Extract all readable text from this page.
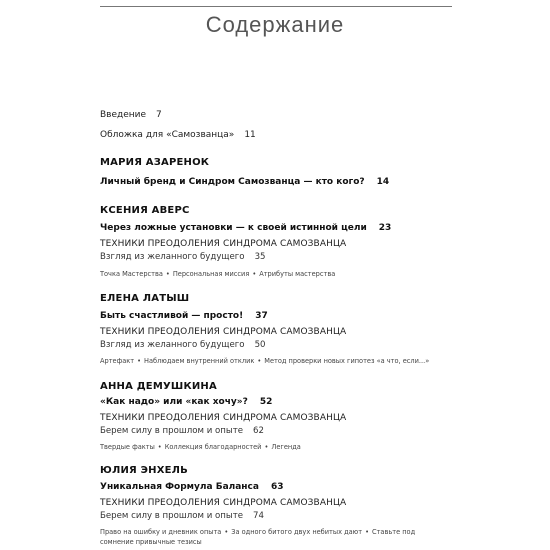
Содержание
Введение 7
Обложка для «Самозванца» 11
МАРИЯ АЗАРЕНОК
Личный бренд и Синдром Самозванца — кто кого? 14
КСЕНИЯ АВЕРС
Через ложные установки — к своей истинной цели 23
ТЕХНИКИ ПРЕОДОЛЕНИЯ СИНДРОМА САМОЗВАНЦА
Взгляд из желанного будущего 35
Точка Мастерства • Персональная миссия • Атрибуты мастерства
ЕЛЕНА ЛАТЫШ
Быть счастливой — просто! 37
ТЕХНИКИ ПРЕОДОЛЕНИЯ СИНДРОМА САМОЗВАНЦА
Взгляд из желанного будущего 50
Артефакт • Наблюдаем внутренний отклик • Метод проверки новых гипотез «а что, если...»
АННА ДЕМУШКИНА
«Как надо» или «как хочу»? 52
ТЕХНИКИ ПРЕОДОЛЕНИЯ СИНДРОМА САМОЗВАНЦА
Берем силу в прошлом и опыте 62
Твердые факты • Коллекция благодарностей • Легенда
ЮЛИЯ ЭНХЕЛЬ
Уникальная Формула Баланса 63
ТЕХНИКИ ПРЕОДОЛЕНИЯ СИНДРОМА САМОЗВАНЦА
Берем силу в прошлом и опыте 74
Право на ошибку и дневник опыта • За одного битого двух небитых дают • Ставьте под
сомнение привычные тезисы
